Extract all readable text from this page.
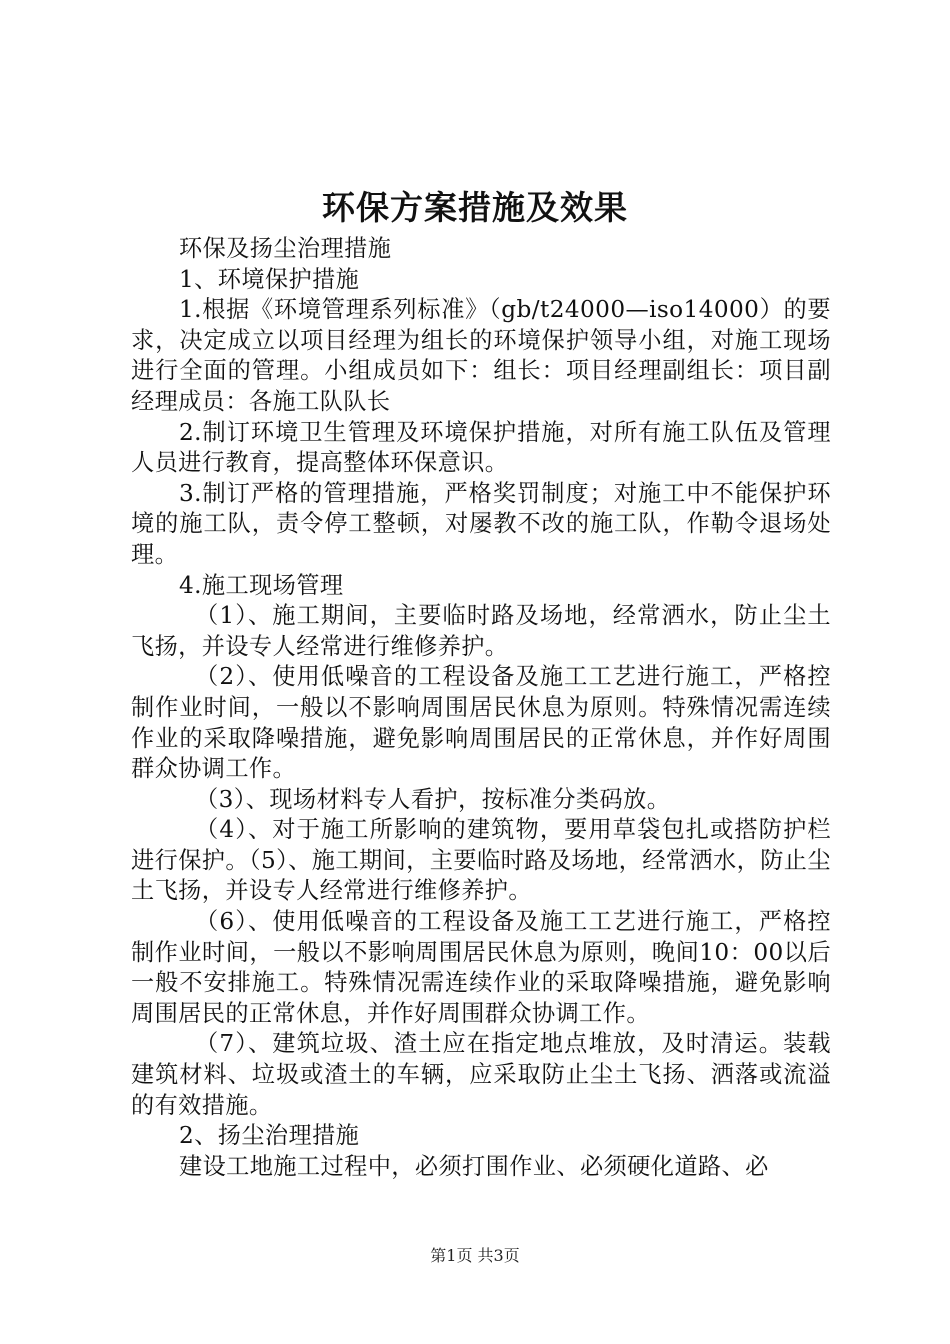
环保方案措施及效果

环保及扬尘治理措施

1、环境保护措施

1.根据《环境管理系列标准》（gb/t24000—iso14000）的要求，决定成立以项目经理为组长的环境保护领导小组，对施工现场进行全面的管理。小组成员如下：组长：项目经理副组长：项目副经理成员：各施工队队长

2.制订环境卫生管理及环境保护措施，对所有施工队伍及管理人员进行教育，提高整体环保意识。

3.制订严格的管理措施，严格奖罚制度；对施工中不能保护环境的施工队，责令停工整顿，对屡教不改的施工队，作勒令退场处理。

4.施工现场管理

（1）、施工期间，主要临时路及场地，经常洒水，防止尘土飞扬，并设专人经常进行维修养护。

（2）、使用低噪音的工程设备及施工工艺进行施工，严格控制作业时间，一般以不影响周围居民休息为原则。特殊情况需连续作业的采取降噪措施，避免影响周围居民的正常休息，并作好周围群众协调工作。

（3）、现场材料专人看护，按标准分类码放。

（4）、对于施工所影响的建筑物，要用草袋包扎或搭防护栏进行保护。（5）、施工期间，主要临时路及场地，经常洒水，防止尘土飞扬，并设专人经常进行维修养护。

（6）、使用低噪音的工程设备及施工工艺进行施工，严格控制作业时间，一般以不影响周围居民休息为原则，晚间10：00以后一般不安排施工。特殊情况需连续作业的采取降噪措施，避免影响周围居民的正常休息，并作好周围群众协调工作。

（7）、建筑垃圾、渣土应在指定地点堆放，及时清运。装载建筑材料、垃圾或渣土的车辆，应采取防止尘土飞扬、洒落或流溢的有效措施。

2、扬尘治理措施

建设工地施工过程中，必须打围作业、必须硬化道路、必

第1页 共3页
